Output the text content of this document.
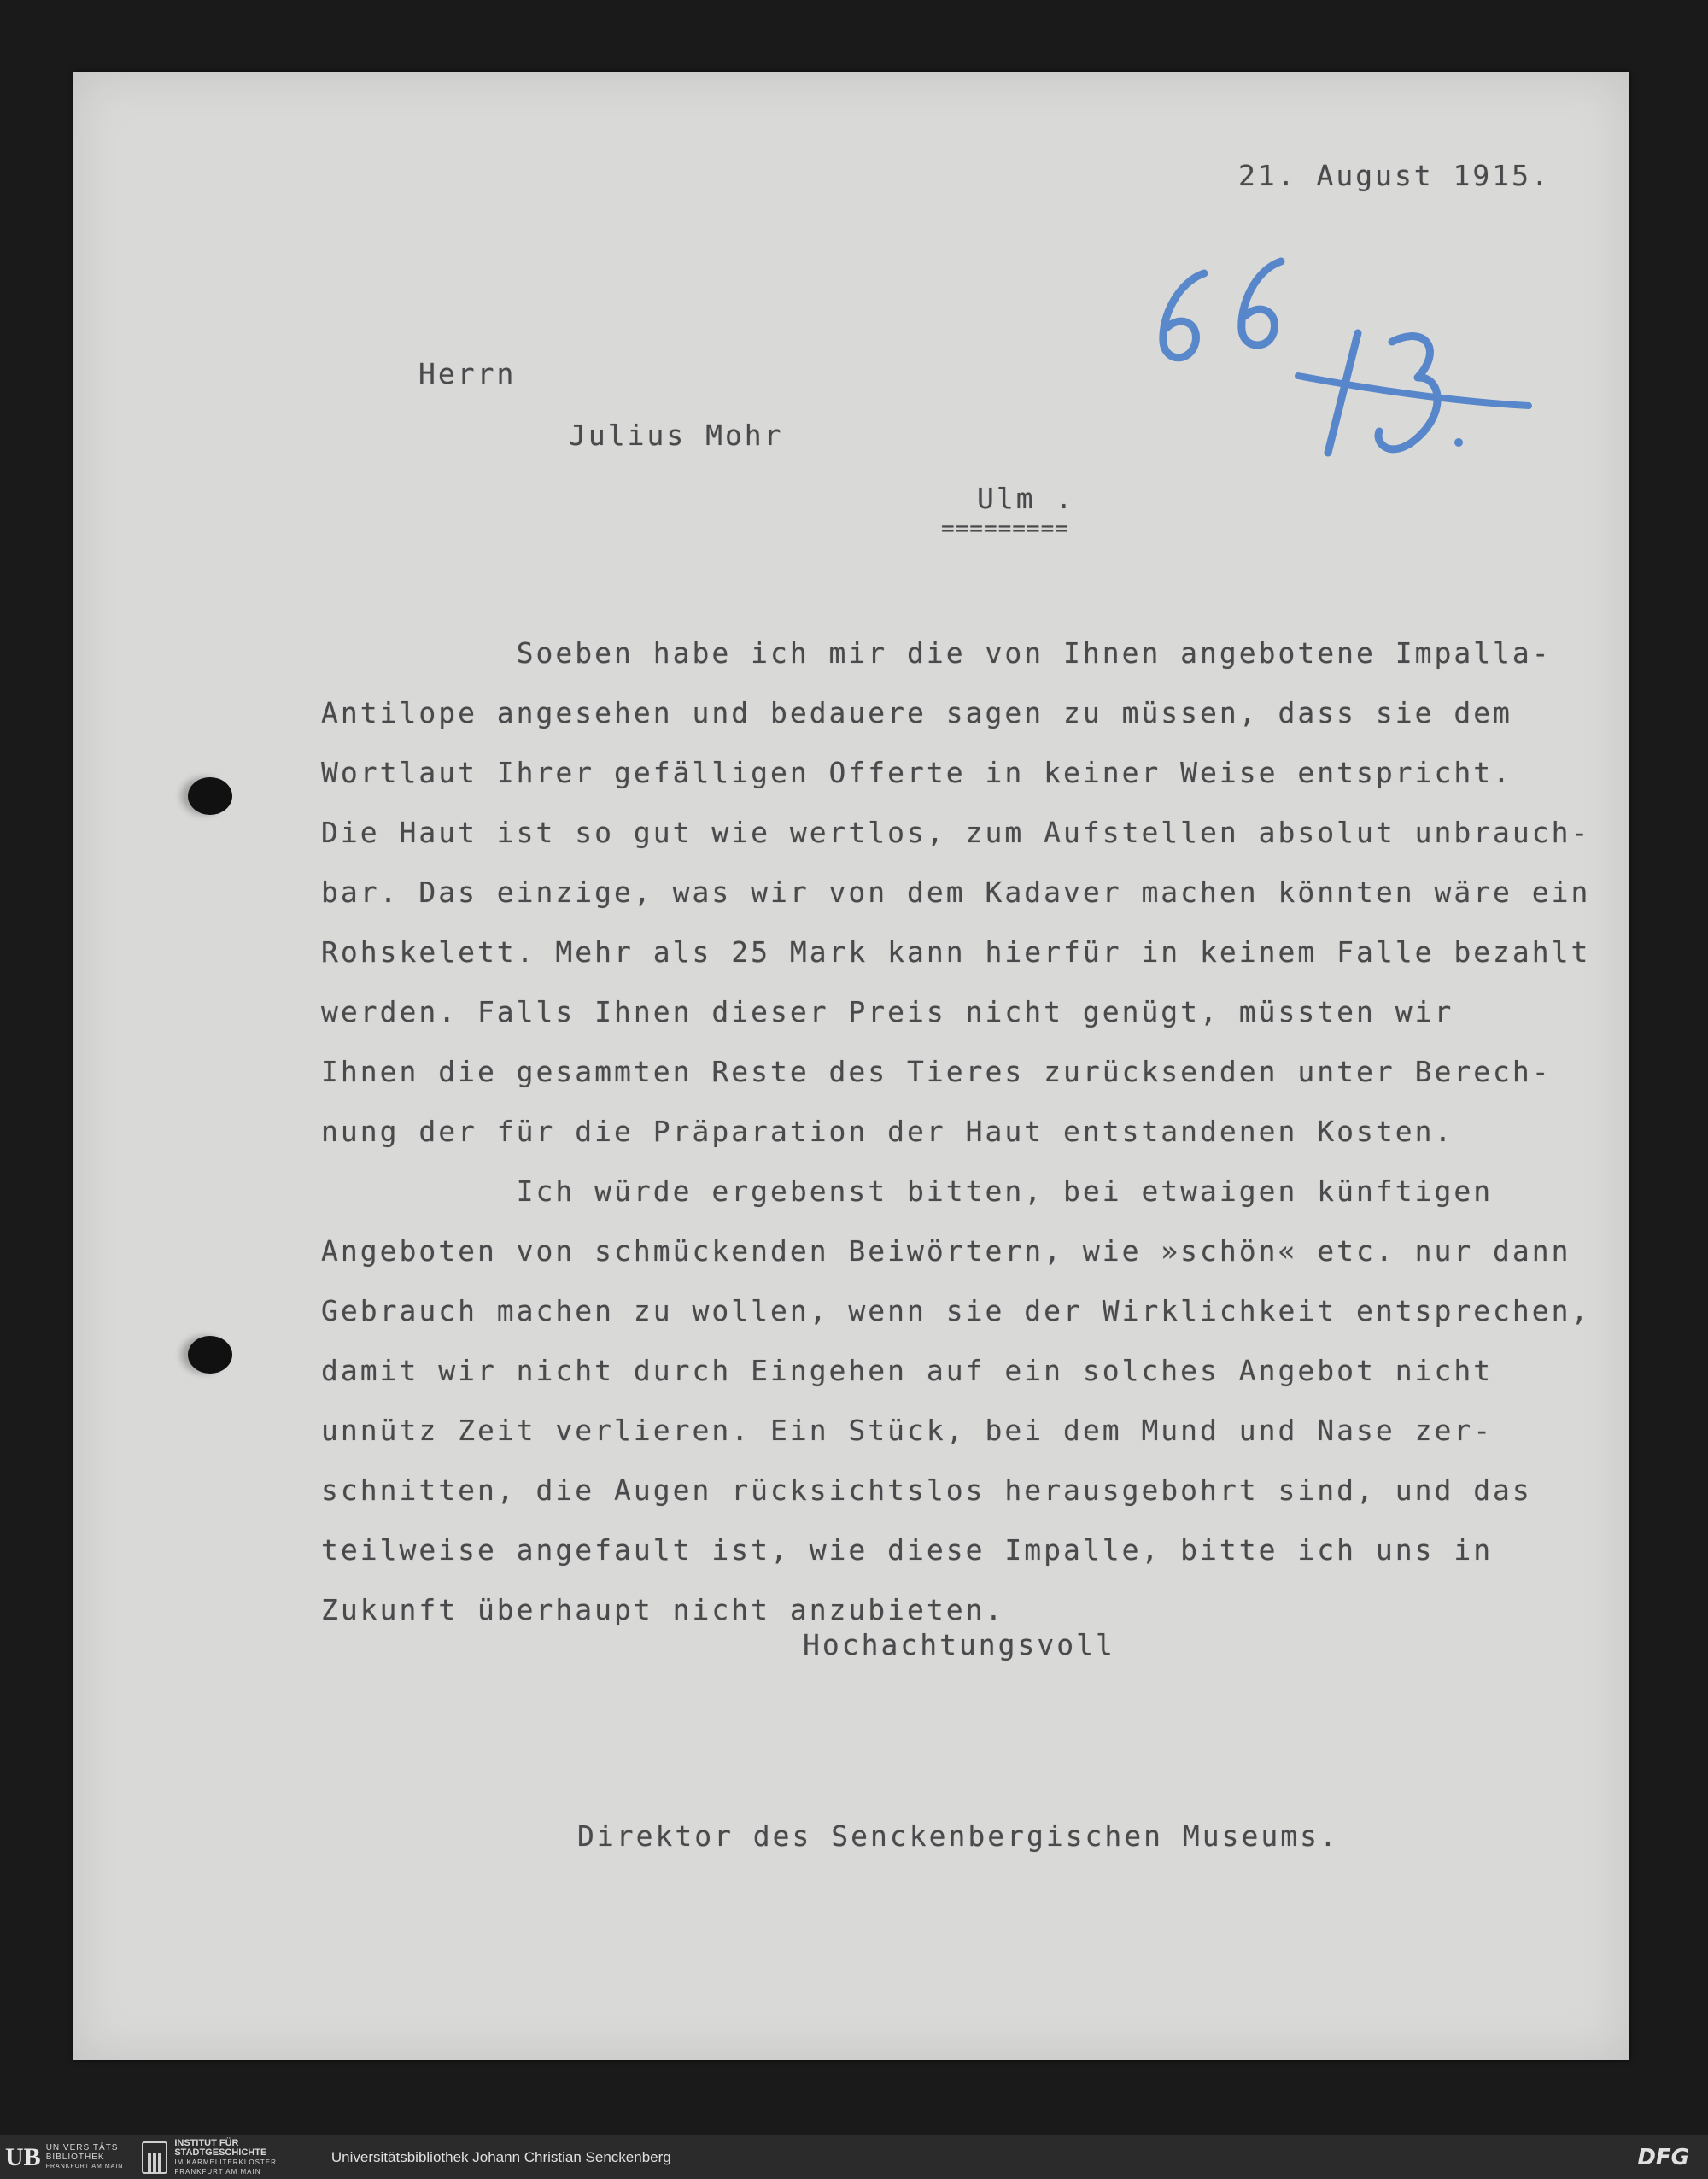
21. August 1915.
Herrn
Julius Mohr
Ulm .
=========
Soeben habe ich mir die von Ihnen angebotene Impalla-
Antilope angesehen und bedauere sagen zu müssen, dass sie dem
Wortlaut Ihrer gefälligen Offerte in keiner Weise entspricht.
Die Haut ist so gut wie wertlos, zum Aufstellen absolut unbrauch-
bar. Das einzige, was wir von dem Kadaver machen könnten wäre ein
Rohskelett. Mehr als 25 Mark kann hierfür in keinem Falle bezahlt
werden. Falls Ihnen dieser Preis nicht genügt, müssten wir
Ihnen die gesammten Reste des Tieres zurücksenden unter Berech-
nung der für die Präparation der Haut entstandenen Kosten.
Ich würde ergebenst bitten, bei etwaigen künftigen
Angeboten von schmückenden Beiwörtern, wie »schön« etc. nur dann
Gebrauch machen zu wollen, wenn sie der Wirklichkeit entsprechen,
damit wir nicht durch Eingehen auf ein solches Angebot nicht
unnütz Zeit verlieren. Ein Stück, bei dem Mund und Nase zer-
schnitten, die Augen rücksichtslos herausgebohrt sind, und das
teilweise angefault ist, wie diese Impalle, bitte ich uns in
Zukunft überhaupt nicht anzubieten.
Hochachtungsvoll
Direktor des Senckenbergischen Museums.
UB UNIVERSITÄTS
BIBLIOTHEK
FRANKFURT AM MAIN
INSTITUT FÜR
STADTGESCHICHTE
IM KARMELITERKLOSTER
FRANKFURT AM MAIN
Universitätsbibliothek Johann Christian Senckenberg	DFG
